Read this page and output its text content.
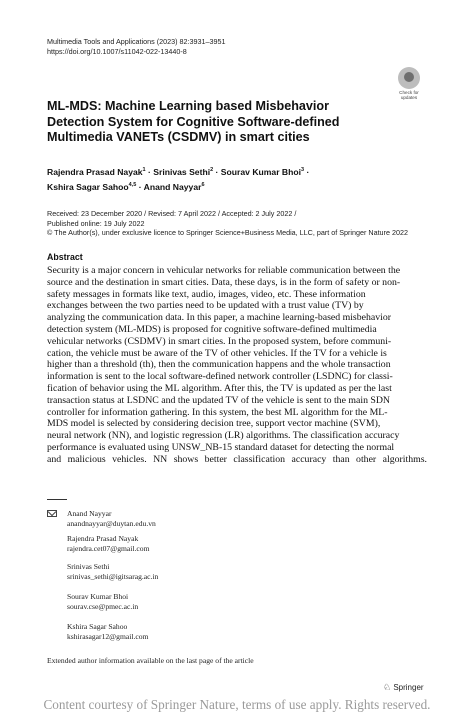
Multimedia Tools and Applications (2023) 82:3931–3951
https://doi.org/10.1007/s11042-022-13440-8
Check for
updates
ML-MDS: Machine Learning based Misbehavior
Detection System for Cognitive Software-defined
Multimedia VANETs (CSDMV) in smart cities
Rajendra Prasad Nayak$^1$ · Srinivas Sethi$^2$ · Sourav Kumar Bhoi$^3$ ·
Kshira Sagar Sahoo$^{4,5}$ · Anand Nayyar$^6$
Received: 23 December 2020 / Revised: 7 April 2022 / Accepted: 2 July 2022 /
Published online: 19 July 2022
© The Author(s), under exclusive licence to Springer Science+Business Media, LLC, part of Springer Nature 2022
Abstract
Security is a major concern in vehicular networks for reliable communication between the
source and the destination in smart cities. Data, these days, is in the form of safety or non-
safety messages in formats like text, audio, images, video, etc. These information
exchanges between the two parties need to be updated with a trust value (TV) by
analyzing the communication data. In this paper, a machine learning-based misbehavior
detection system (ML-MDS) is proposed for cognitive software-defined multimedia
vehicular networks (CSDMV) in smart cities. In the proposed system, before communi-
cation, the vehicle must be aware of the TV of other vehicles. If the TV for a vehicle is
higher than a threshold (th), then the communication happens and the whole transaction
information is sent to the local software-defined network controller (LSDNC) for classi-
fication of behavior using the ML algorithm. After this, the TV is updated as per the last
transaction status at LSDNC and the updated TV of the vehicle is sent to the main SDN
controller for information gathering. In this system, the best ML algorithm for the ML-
MDS model is selected by considering decision tree, support vector machine (SVM),
neural network (NN), and logistic regression (LR) algorithms. The classification accuracy
performance is evaluated using UNSW_NB-15 standard dataset for detecting the normal
and malicious vehicles. NN shows better classification accuracy than other algorithms.
Anand Nayyar
anandnayyar@duytan.edu.vn
Rajendra Prasad Nayak
rajendra.cet07@gmail.com
Srinivas Sethi
srinivas_sethi@igitsarag.ac.in
Sourav Kumar Bhoi
sourav.cse@pmec.ac.in
Kshira Sagar Sahoo
kshirasagar12@gmail.com
Extended author information available on the last page of the article
♘ Springer
Content courtesy of Springer Nature, terms of use apply. Rights reserved.
